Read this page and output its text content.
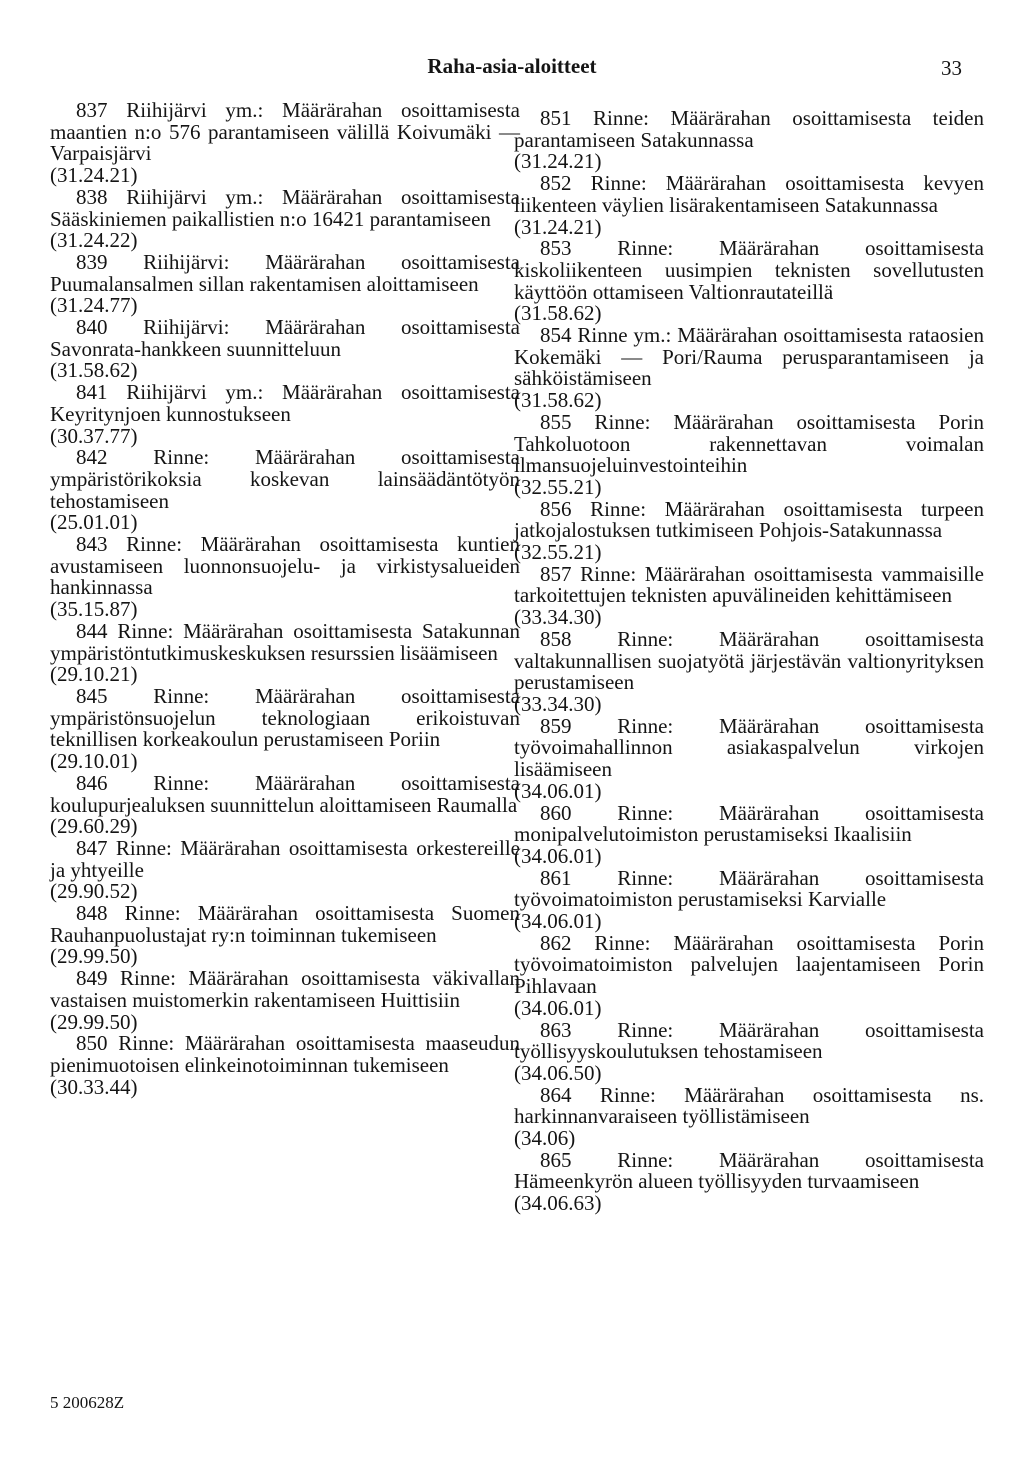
Raha-asia-aloitteet	33

837 Riihijärvi ym.: Määrärahan osoittamisesta maantien n:o 576 parantamiseen välillä Koivumäki — Varpaisjärvi
(31.24.21)

838 Riihijärvi ym.: Määrärahan osoittamisesta Sääskiniemen paikallistien n:o 16421 parantamiseen
(31.24.22)

839 Riihijärvi: Määrärahan osoittamisesta Puumalansalmen sillan rakentamisen aloittamiseen
(31.24.77)

840 Riihijärvi: Määrärahan osoittamisesta Savonrata-hankkeen suunnitteluun
(31.58.62)

841 Riihijärvi ym.: Määrärahan osoittamisesta Keyritynjoen kunnostukseen
(30.37.77)

842 Rinne: Määrärahan osoittamisesta ympäristörikoksia koskevan lainsäädäntötyön tehostamiseen
(25.01.01)

843 Rinne: Määrärahan osoittamisesta kuntien avustamiseen luonnonsuojelu- ja virkistysalueiden hankinnassa
(35.15.87)

844 Rinne: Määrärahan osoittamisesta Satakunnan ympäristöntutkimuskeskuksen resurssien lisäämiseen
(29.10.21)

845 Rinne: Määrärahan osoittamisesta ympäristönsuojelun teknologiaan erikoistuvan teknillisen korkeakoulun perustamiseen Poriin
(29.10.01)

846 Rinne: Määrärahan osoittamisesta koulupurjealuksen suunnittelun aloittamiseen Raumalla
(29.60.29)

847 Rinne: Määrärahan osoittamisesta orkestereille ja yhtyeille
(29.90.52)

848 Rinne: Määrärahan osoittamisesta Suomen Rauhanpuolustajat ry:n toiminnan tukemiseen
(29.99.50)

849 Rinne: Määrärahan osoittamisesta väkivallan vastaisen muistomerkin rakentamiseen Huittisiin
(29.99.50)

850 Rinne: Määrärahan osoittamisesta maaseudun pienimuotoisen elinkeinotoiminnan tukemiseen
(30.33.44)

851 Rinne: Määrärahan osoittamisesta teiden parantamiseen Satakunnassa
(31.24.21)

852 Rinne: Määrärahan osoittamisesta kevyen liikenteen väylien lisärakentamiseen Satakunnassa
(31.24.21)

853 Rinne: Määrärahan osoittamisesta kiskoliikenteen uusimpien teknisten sovellutusten käyttöön ottamiseen Valtionrautateillä
(31.58.62)

854 Rinne ym.: Määrärahan osoittamisesta rataosien Kokemäki — Pori/Rauma perusparantamiseen ja sähköistämiseen
(31.58.62)

855 Rinne: Määrärahan osoittamisesta Porin Tahkoluotoon rakennettavan voimalan ilmansuojeluinvestointeihin
(32.55.21)

856 Rinne: Määrärahan osoittamisesta turpeen jatkojalostuksen tutkimiseen Pohjois-Satakunnassa
(32.55.21)

857 Rinne: Määrärahan osoittamisesta vammaisille tarkoitettujen teknisten apuvälineiden kehittämiseen
(33.34.30)

858 Rinne: Määrärahan osoittamisesta valtakunnallisen suojatyötä järjestävän valtionyrityksen perustamiseen
(33.34.30)

859 Rinne: Määrärahan osoittamisesta työvoimahallinnon asiakaspalvelun virkojen lisäämiseen
(34.06.01)

860 Rinne: Määrärahan osoittamisesta monipalvelutoimiston perustamiseksi Ikaalisiin
(34.06.01)

861 Rinne: Määrärahan osoittamisesta työvoimatoimiston perustamiseksi Karvialle
(34.06.01)

862 Rinne: Määrärahan osoittamisesta Porin työvoimatoimiston palvelujen laajentamiseen Porin Pihlavaan
(34.06.01)

863 Rinne: Määrärahan osoittamisesta työllisyyskoulutuksen tehostamiseen
(34.06.50)

864 Rinne: Määrärahan osoittamisesta ns. harkinnanvaraiseen työllistämiseen
(34.06)

865 Rinne: Määrärahan osoittamisesta Hämeenkyrön alueen työllisyyden turvaamiseen
(34.06.63)

5 200628Z
